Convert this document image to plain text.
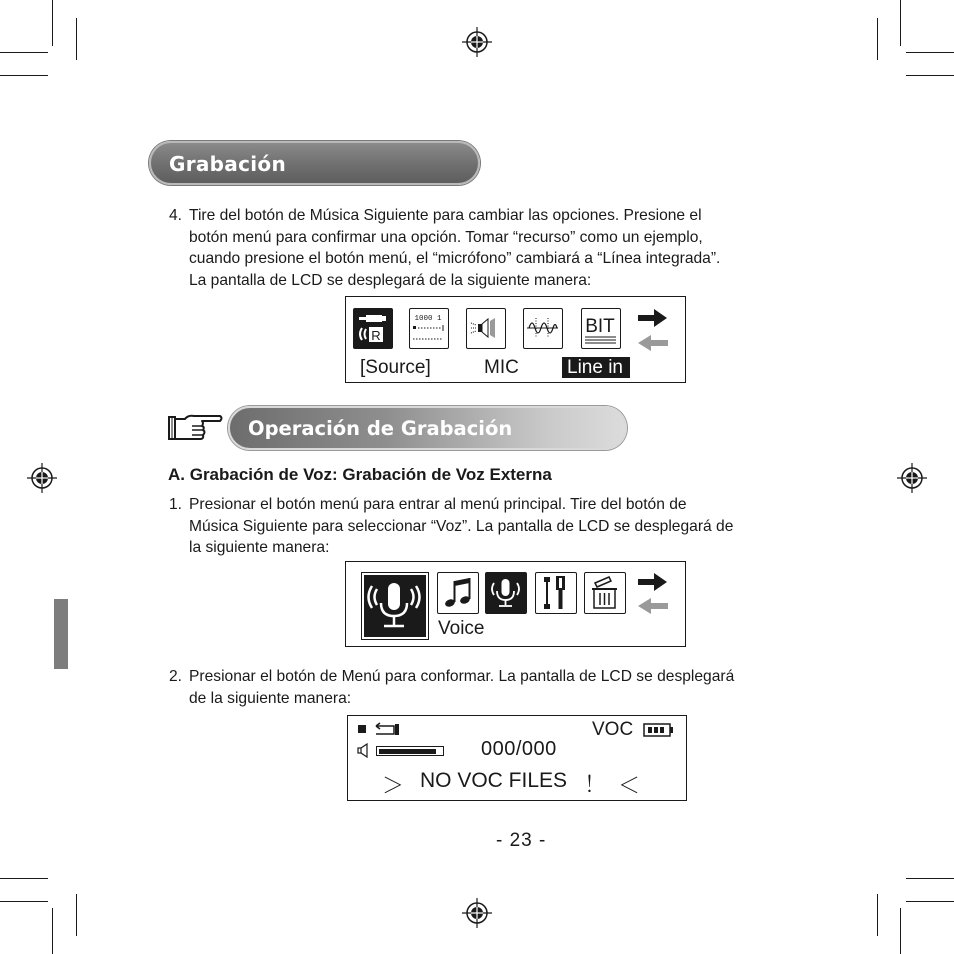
Grabación
4. Tire del botón de Música Siguiente para cambiar las opciones. Presione el
botón menú para confirmar una opción. Tomar “recurso” como un ejemplo,
cuando presione el botón menú, el “micrófono” cambiará a “Línea integrada”.
La pantalla de LCD se desplegará de la siguiente manera:
R
1000 1	BIT
[Source]	MIC	Line in
Operación de Grabación
A. Grabación de Voz: Grabación de Voz Externa
1. Presionar el botón menú para entrar al menú principal. Tire del botón de
Música Siguiente para seleccionar “Voz”. La pantalla de LCD se desplegará de
la siguiente manera:
Voice
2. Presionar el botón de Menú para conformar. La pantalla de LCD se desplegará
de la siguiente manera:
000/000
VOC
＞ NO VOC FILES ！ ＜
- 23 -
